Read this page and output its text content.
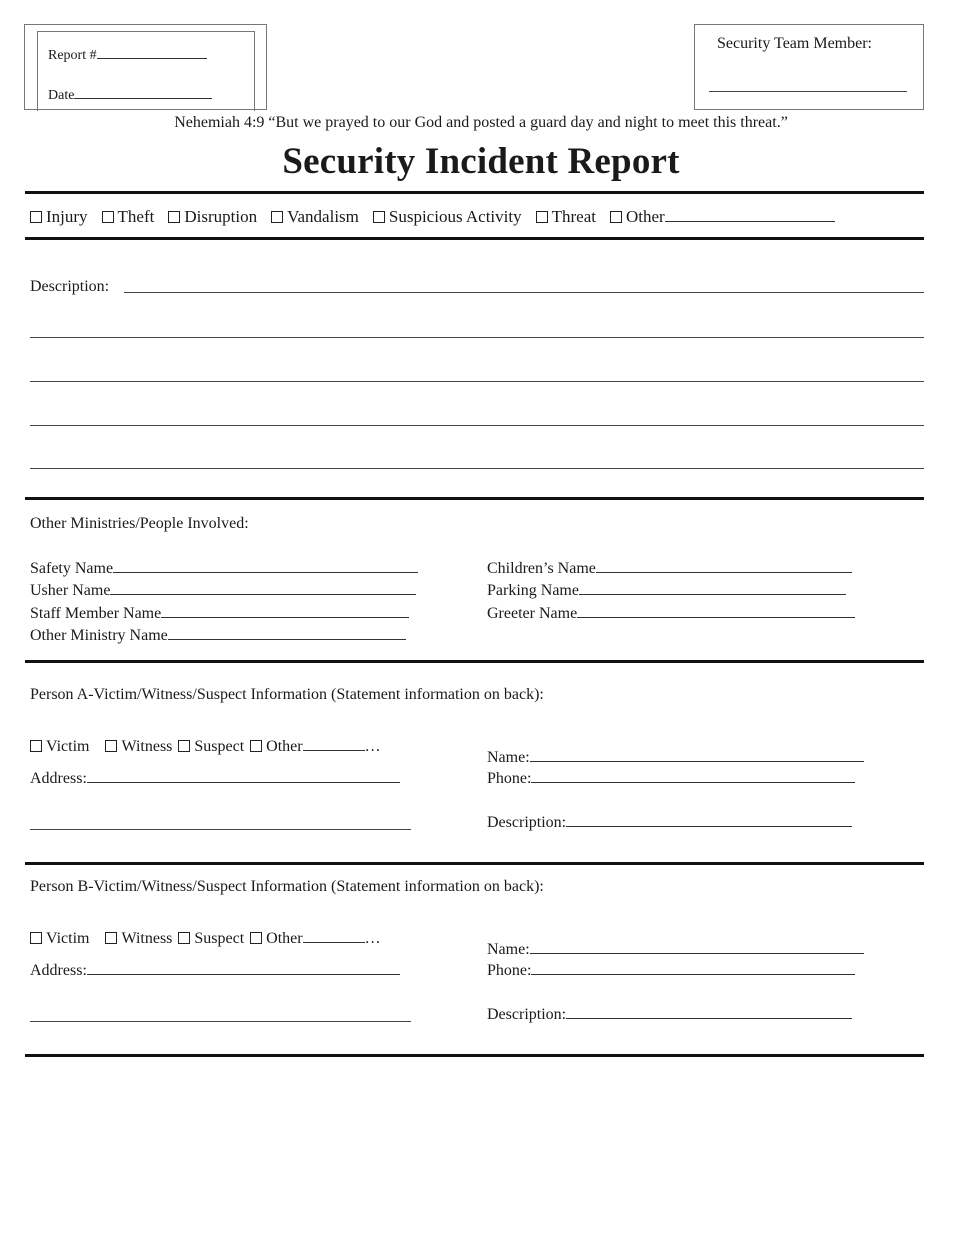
Report #
Date
Security Team Member:
Nehemiah 4:9 “But we prayed to our God and posted a guard day and night to meet this threat.”
Security Incident Report
Injury Theft Disruption Vandalism Suspicious Activity Threat Other
Description:
Other Ministries/People Involved:
Safety Name
Usher Name
Staff Member Name
Other Ministry Name
Children’s Name
Parking Name
Greeter Name
Person A-Victim/Witness/Suspect Information (Statement information on back):
Victim Witness Suspect Other	…
Address:
Name:
Phone:
Description:
Person B-Victim/Witness/Suspect Information (Statement information on back):
Victim Witness Suspect Other	…
Address:
Name:
Phone:
Description:
